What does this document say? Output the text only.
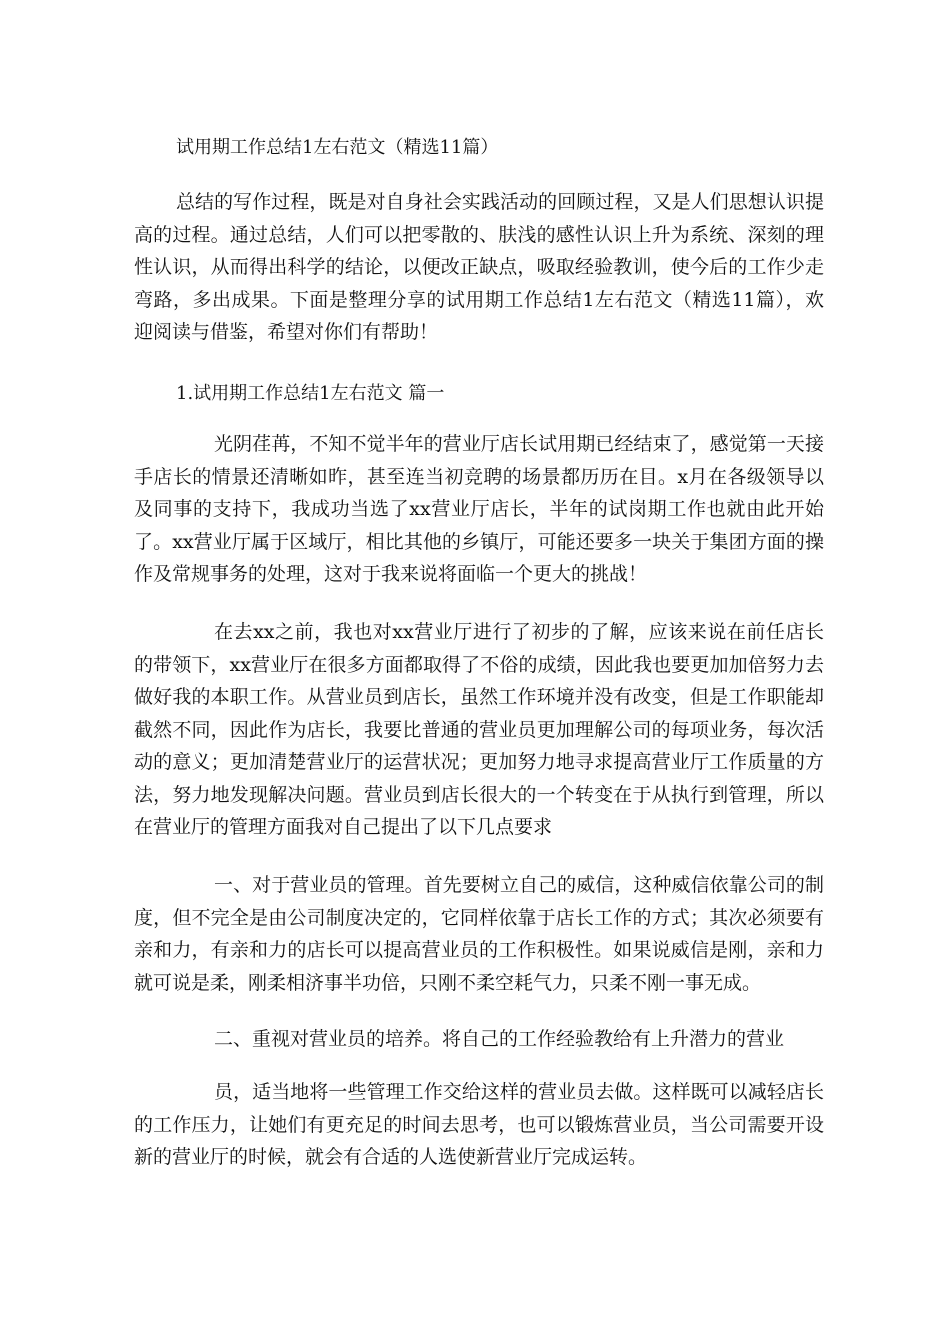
试用期工作总结1左右范文（精选11篇）

总结的写作过程，既是对自身社会实践活动的回顾过程，又是人们思想认识提高的过程。通过总结，人们可以把零散的、肤浅的感性认识上升为系统、深刻的理性认识，从而得出科学的结论，以便改正缺点，吸取经验教训，使今后的工作少走弯路，多出成果。下面是整理分享的试用期工作总结1左右范文（精选11篇），欢迎阅读与借鉴，希望对你们有帮助！

1.试用期工作总结1左右范文 篇一

光阴荏苒，不知不觉半年的营业厅店长试用期已经结束了，感觉第一天接手店长的情景还清晰如昨，甚至连当初竞聘的场景都历历在目。x月在各级领导以及同事的支持下，我成功当选了xx营业厅店长，半年的试岗期工作也就由此开始了。xx营业厅属于区域厅，相比其他的乡镇厅，可能还要多一块关于集团方面的操作及常规事务的处理，这对于我来说将面临一个更大的挑战！

在去xx之前，我也对xx营业厅进行了初步的了解，应该来说在前任店长的带领下，xx营业厅在很多方面都取得了不俗的成绩，因此我也要更加加倍努力去做好我的本职工作。从营业员到店长，虽然工作环境并没有改变，但是工作职能却截然不同，因此作为店长，我要比普通的营业员更加理解公司的每项业务，每次活动的意义；更加清楚营业厅的运营状况；更加努力地寻求提高营业厅工作质量的方法，努力地发现解决问题。营业员到店长很大的一个转变在于从执行到管理，所以在营业厅的管理方面我对自己提出了以下几点要求

一、对于营业员的管理。首先要树立自己的威信，这种威信依靠公司的制度，但不完全是由公司制度决定的，它同样依靠于店长工作的方式；其次必须要有亲和力，有亲和力的店长可以提高营业员的工作积极性。如果说威信是刚，亲和力就可说是柔，刚柔相济事半功倍，只刚不柔空耗气力，只柔不刚一事无成。

二、重视对营业员的培养。将自己的工作经验教给有上升潜力的营业

员，适当地将一些管理工作交给这样的营业员去做。这样既可以减轻店长的工作压力，让她们有更充足的时间去思考，也可以锻炼营业员，当公司需要开设新的营业厅的时候，就会有合适的人选使新营业厅完成运转。
